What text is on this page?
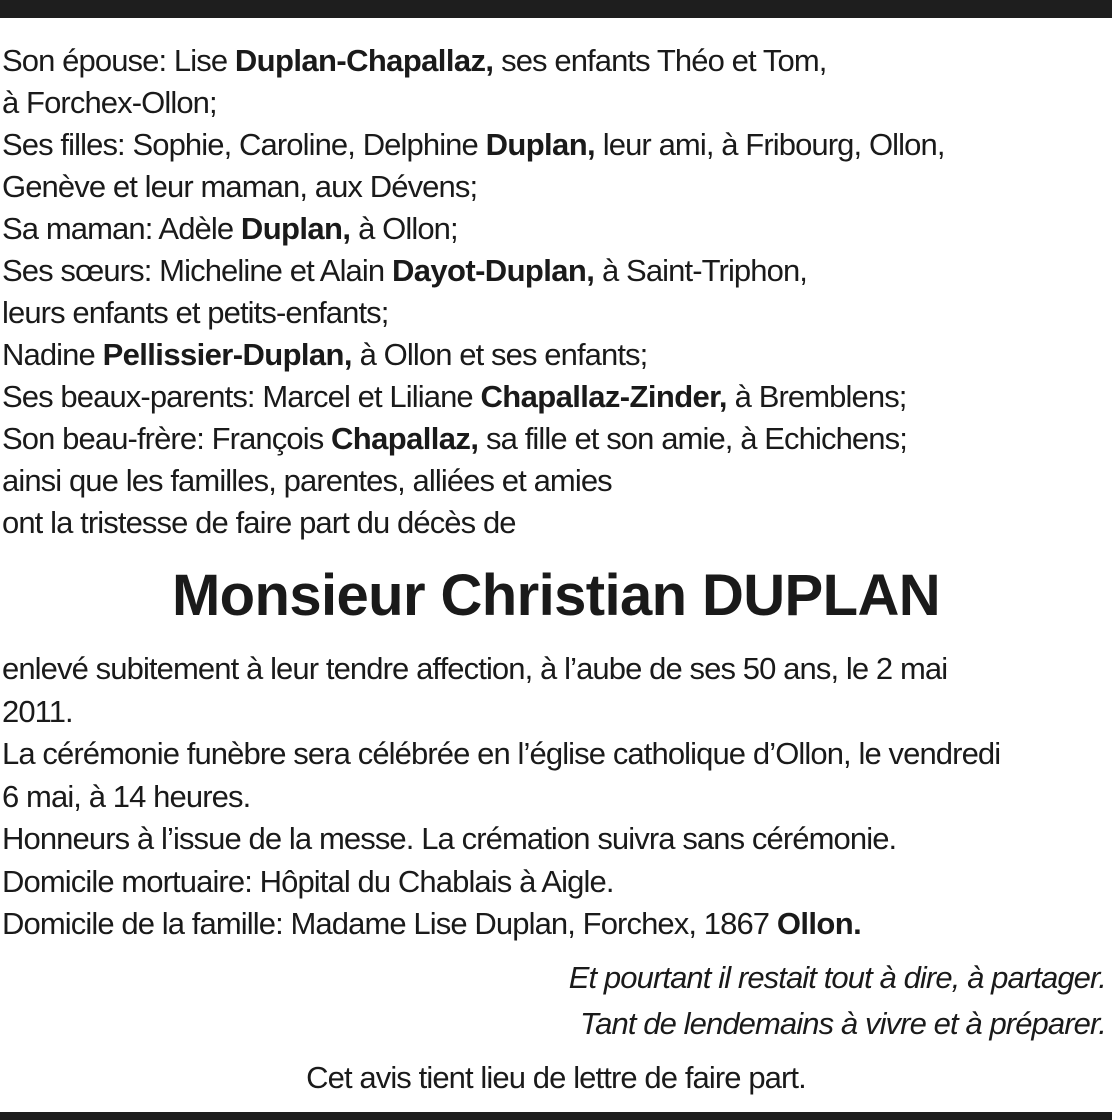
Son épouse: Lise Duplan-Chapallaz, ses enfants Théo et Tom,
à Forchex-Ollon;
Ses filles: Sophie, Caroline, Delphine Duplan, leur ami, à Fribourg, Ollon,
Genève et leur maman, aux Dévens;
Sa maman: Adèle Duplan, à Ollon;
Ses sœurs: Micheline et Alain Dayot-Duplan, à Saint-Triphon,
leurs enfants et petits-enfants;
Nadine Pellissier-Duplan, à Ollon et ses enfants;
Ses beaux-parents: Marcel et Liliane Chapallaz-Zinder, à Bremblens;
Son beau-frère: François Chapallaz, sa fille et son amie, à Echichens;
ainsi que les familles, parentes, alliées et amies
ont la tristesse de faire part du décès de
Monsieur Christian DUPLAN
enlevé subitement à leur tendre affection, à l’aube de ses 50 ans, le 2 mai
2011.
La cérémonie funèbre sera célébrée en l’église catholique d’Ollon, le vendredi
6 mai, à 14 heures.
Honneurs à l’issue de la messe. La crémation suivra sans cérémonie.
Domicile mortuaire: Hôpital du Chablais à Aigle.
Domicile de la famille: Madame Lise Duplan, Forchex, 1867 Ollon.
Et pourtant il restait tout à dire, à partager.
Tant de lendemains à vivre et à préparer.
Cet avis tient lieu de lettre de faire part.
